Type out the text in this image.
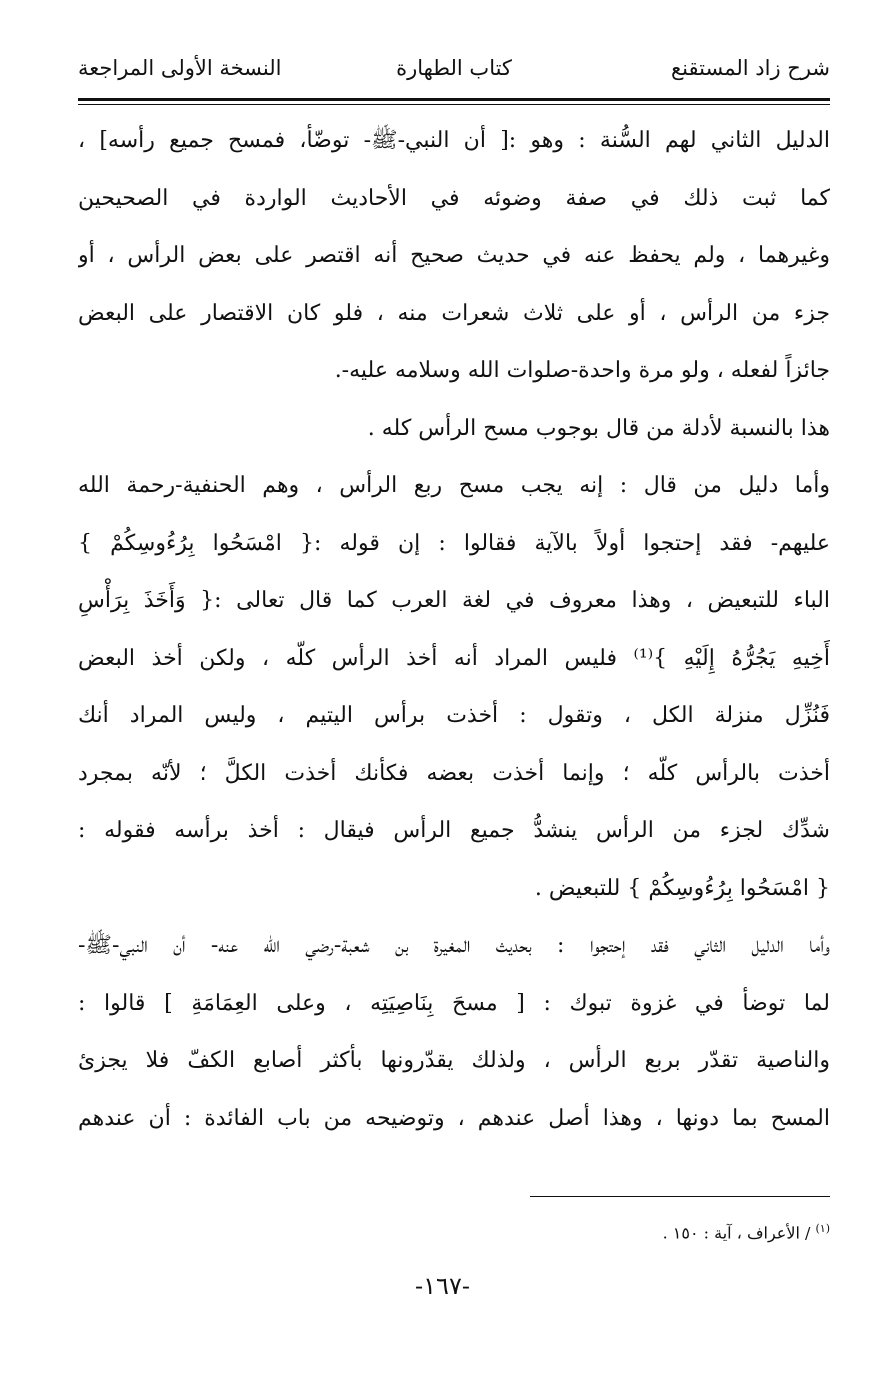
شرح زاد المستقنع
كتاب الطهارة
النسخة الأولى المراجعة
الدليل الثاني لهم السُّنة : وهو :[ أن النبي-ﷺ- توضّأ، فمسح جميع رأسه] ،
كما ثبت ذلك في صفة وضوئه في الأحاديث الواردة في الصحيحين
وغيرهما ، ولم يحفظ عنه في حديث صحيح أنه اقتصر على بعض الرأس ، أو
جزء من الرأس ، أو على ثلاث شعرات منه ، فلو كان الاقتصار على البعض
جائزاً لفعله ، ولو مرة واحدة-صلوات الله وسلامه عليه-.
هذا بالنسبة لأدلة من قال بوجوب مسح الرأس كله .
وأما دليل من قال : إنه يجب مسح ربع الرأس ، وهم الحنفية-رحمة الله
عليهم- فقد إحتجوا أولاً بالآية فقالوا : إن قوله :{ امْسَحُوا بِرُءُوسِكُمْ }
الباء للتبعيض ، وهذا معروف في لغة العرب كما قال تعالى :{ وَأَخَذَ بِرَأْسِ
أَخِيهِ يَجُرُّهُ إِلَيْهِ }⁽¹⁾ فليس المراد أنه أخذ الرأس كلّه ، ولكن أخذ البعض
فَنُزِّل منزلة الكل ، وتقول : أخذت برأس اليتيم ، وليس المراد أنك
أخذت بالرأس كلّه ؛ وإنما أخذت بعضه فكأنك أخذت الكلَّ ؛ لأنّه بمجرد
شدِّك لجزء من الرأس ينشدُّ جميع الرأس فيقال : أخذ برأسه فقوله :
{ امْسَحُوا بِرُءُوسِكُمْ } للتبعيض .
وأما الدليل الثاني فقد إحتجوا : بحديث المغيرة بن شعبة-رضي الله عنه- أن النبي-ﷺ-
لما توضأ في غزوة تبوك : [ مسحَ بِنَاصِيَتِه ، وعلى العِمَامَةِ ] قالوا :
والناصية تقدّر بربع الرأس ، ولذلك يقدّرونها بأكثر أصابع الكفّ فلا يجزئ
المسح بما دونها ، وهذا أصل عندهم ، وتوضيحه من باب الفائدة : أن عندهم
$^{(١)}$ / الأعراف ، آية : ١٥٠ .
-١٦٧-
